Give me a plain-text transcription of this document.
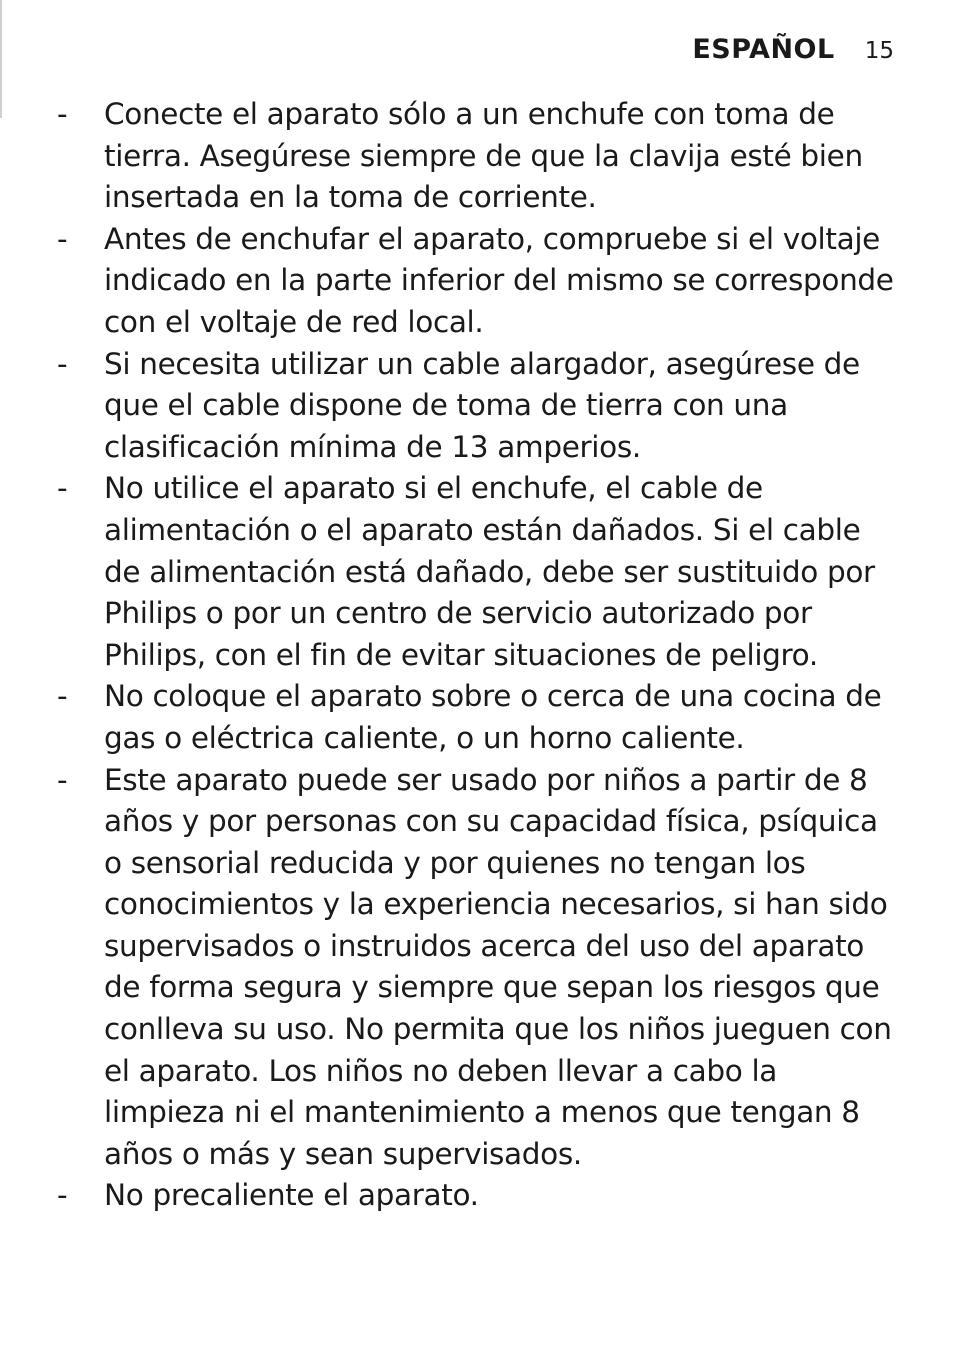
ESPAÑOL 15
-	Conecte el aparato sólo a un enchufe con toma de tierra. Asegúrese siempre de que la clavija esté bien insertada en la toma de corriente.
-	Antes de enchufar el aparato, compruebe si el voltaje indicado en la parte inferior del mismo se corresponde con el voltaje de red local.
-	Si necesita utilizar un cable alargador, asegúrese de que el cable dispone de toma de tierra con una clasificación mínima de 13 amperios.
-	No utilice el aparato si el enchufe, el cable de alimentación o el aparato están dañados. Si el cable de alimentación está dañado, debe ser sustituido por Philips o por un centro de servicio autorizado por Philips, con el fin de evitar situaciones de peligro.
-	No coloque el aparato sobre o cerca de una cocina de gas o eléctrica caliente, o un horno caliente.
-	Este aparato puede ser usado por niños a partir de 8 años y por personas con su capacidad física, psíquica o sensorial reducida y por quienes no tengan los conocimientos y la experiencia necesarios, si han sido supervisados o instruidos acerca del uso del aparato de forma segura y siempre que sepan los riesgos que conlleva su uso. No permita que los niños jueguen con el aparato. Los niños no deben llevar a cabo la limpieza ni el mantenimiento a menos que tengan 8 años o más y sean supervisados.
-	No precaliente el aparato.
